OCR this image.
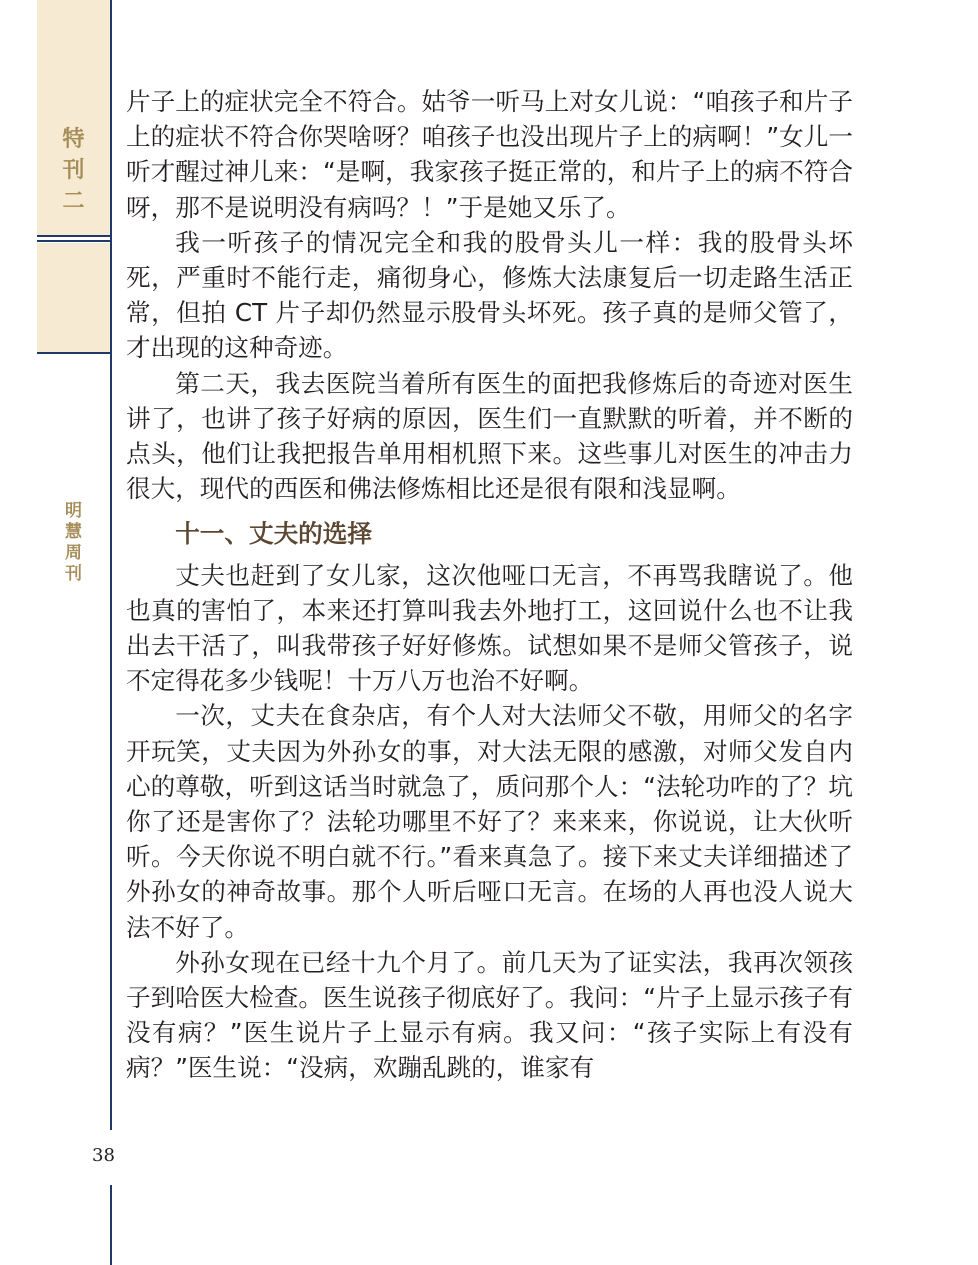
特
刊
二
明
慧
周
刊
38

片子上的症状完全不符合。姑爷一听马上对女儿说：“咱孩子和片子上的症状不符合你哭啥呀？咱孩子也没出现片子上的病啊！”女儿一听才醒过神儿来：“是啊，我家孩子挺正常的，和片子上的病不符合呀，那不是说明没有病吗？！”于是她又乐了。

我一听孩子的情况完全和我的股骨头儿一样：我的股骨头坏死，严重时不能行走，痛彻身心，修炼大法康复后一切走路生活正常，但拍 CT 片子却仍然显示股骨头坏死。孩子真的是师父管了，才出现的这种奇迹。

第二天，我去医院当着所有医生的面把我修炼后的奇迹对医生讲了，也讲了孩子好病的原因，医生们一直默默的听着，并不断的点头，他们让我把报告单用相机照下来。这些事儿对医生的冲击力很大，现代的西医和佛法修炼相比还是很有限和浅显啊。

十一、丈夫的选择

丈夫也赶到了女儿家，这次他哑口无言，不再骂我瞎说了。他也真的害怕了，本来还打算叫我去外地打工，这回说什么也不让我出去干活了，叫我带孩子好好修炼。试想如果不是师父管孩子，说不定得花多少钱呢！十万八万也治不好啊。

一次，丈夫在食杂店，有个人对大法师父不敬，用师父的名字开玩笑，丈夫因为外孙女的事，对大法无限的感激，对师父发自内心的尊敬，听到这话当时就急了，质问那个人：“法轮功咋的了？坑你了还是害你了？法轮功哪里不好了？来来来，你说说，让大伙听听。今天你说不明白就不行。”看来真急了。接下来丈夫详细描述了外孙女的神奇故事。那个人听后哑口无言。在场的人再也没人说大法不好了。

外孙女现在已经十九个月了。前几天为了证实法，我再次领孩子到哈医大检查。医生说孩子彻底好了。我问：“片子上显示孩子有没有病？”医生说片子上显示有病。我又问：“孩子实际上有没有病？”医生说：“没病，欢蹦乱跳的，谁家有
